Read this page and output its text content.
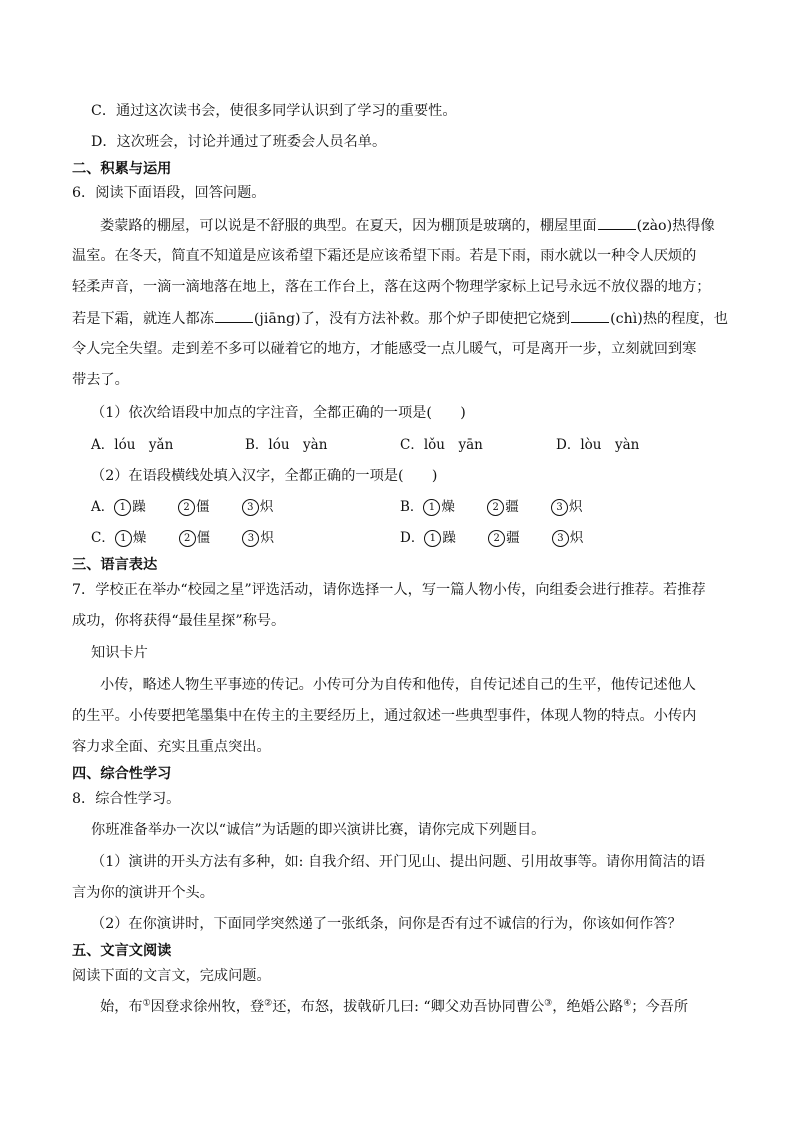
C．通过这次读书会，使很多同学认识到了学习的重要性。
D．这次班会，讨论并通过了班委会人员名单。
二、积累与运用
6．阅读下面语段，回答问题。
娄蒙路的棚屋，可以说是不舒服的典型。在夏天，因为棚顶是玻璃的，棚屋里面	(zào)热得像
温室。在冬天，简直不知道是应该希望下霜还是应该希望下雨。若是下雨，雨水就以一种令人厌烦的
轻柔声音，一滴一滴地落在地上，落在工作台上，落在这两个物理学家标上记号永远不放仪器的地方；
若是下霜，就连人都冻	(jiāng)了，没有方法补救。那个炉子即使把它烧到	(chì)热的程度，也
令人完全失望。走到差不多可以碰着它的地方，才能感受一点儿暖气，可是离开一步，立刻就回到寒
带去了。
（1）依次给语段中加点的字注音，全都正确的一项是(　　)
A．lóu　yǎn	B．lóu　yàn	C．lǒu　yān	D．lòu　yàn
（2）在语段横线处填入汉字，全都正确的一项是(　　)
A． 1 躁	2 僵	3 炽	B． 1 燥	2 疆	3 炽
C． 1 燥	2 僵	3 炽	D． 1 躁	2 疆	3 炽
三、语言表达
7．学校正在举办“校园之星”评选活动，请你选择一人，写一篇人物小传，向组委会进行推荐。若推荐
成功，你将获得“最佳星探”称号。
知识卡片
小传，略述人物生平事迹的传记。小传可分为自传和他传，自传记述自己的生平，他传记述他人
的生平。小传要把笔墨集中在传主的主要经历上，通过叙述一些典型事件，体现人物的特点。小传内
容力求全面、充实且重点突出。
四、综合性学习
8．综合性学习。
你班准备举办一次以“诚信”为话题的即兴演讲比赛，请你完成下列题目。
（1）演讲的开头方法有多种，如: 自我介绍、开门见山、提出问题、引用故事等。请你用简洁的语
言为你的演讲开个头。
（2）在你演讲时，下面同学突然递了一张纸条，问你是否有过不诚信的行为，你该如何作答？
五、文言文阅读
阅读下面的文言文，完成问题。
始，布①因登求徐州牧，登②还，布怒，拔戟斫几曰: “卿父劝吾协同曹公③，绝婚公路④；今吾所
